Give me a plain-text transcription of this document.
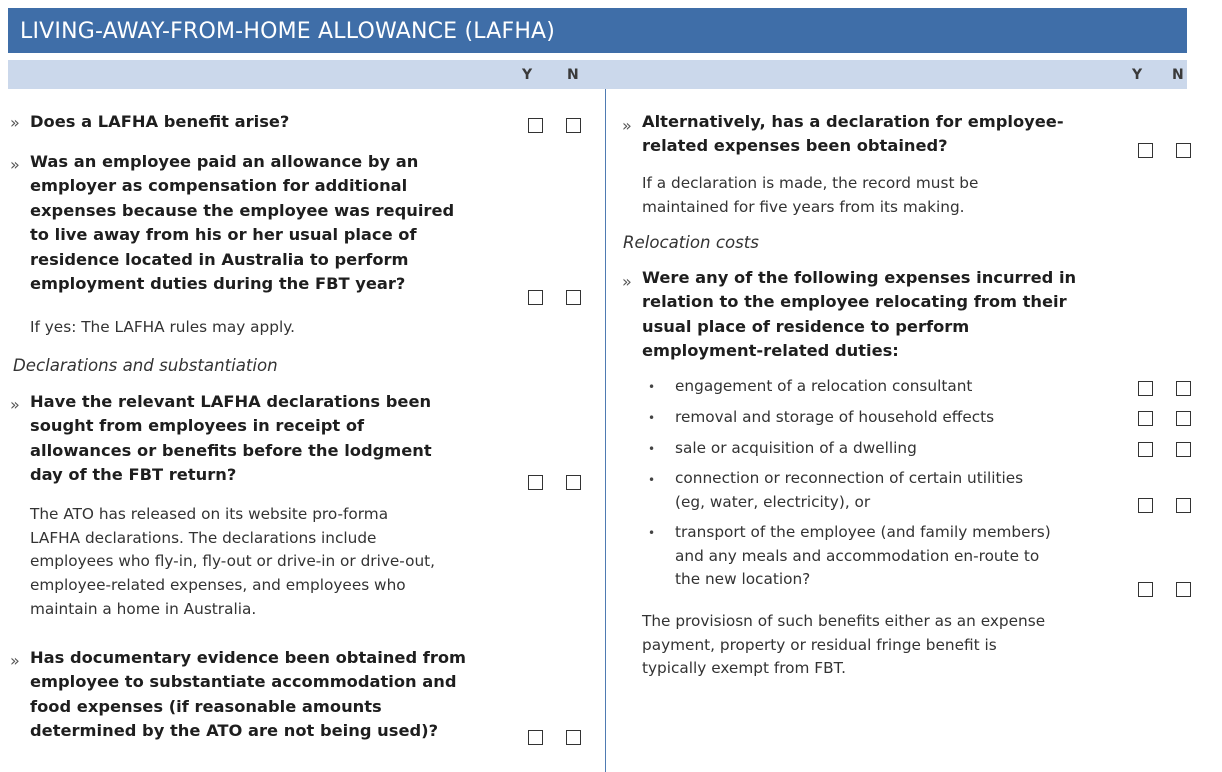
LIVING-AWAY-FROM-HOME ALLOWANCE (LAFHA)
Y N	Y N
» Does a LAFHA benefit arise?
» Was an employee paid an allowance by an
employer as compensation for additional
expenses because the employee was required
to live away from his or her usual place of
residence located in Australia to perform
employment duties during the FBT year?
If yes: The LAFHA rules may apply.
Declarations and substantiation
» Have the relevant LAFHA declarations been
sought from employees in receipt of
allowances or benefits before the lodgment
day of the FBT return?
The ATO has released on its website pro-forma
LAFHA declarations. The declarations include
employees who fly-in, fly-out or drive-in or drive-out,
employee-related expenses, and employees who
maintain a home in Australia.
» Has documentary evidence been obtained from
employee to substantiate accommodation and
food expenses (if reasonable amounts
determined by the ATO are not being used)?
» Alternatively, has a declaration for employee-
related expenses been obtained?
If a declaration is made, the record must be
maintained for five years from its making.
Relocation costs
» Were any of the following expenses incurred in
relation to the employee relocating from their
usual place of residence to perform
employment-related duties:
• engagement of a relocation consultant
• removal and storage of household effects
• sale or acquisition of a dwelling
• connection or reconnection of certain utilities
(eg, water, electricity), or
• transport of the employee (and family members)
and any meals and accommodation en-route to
the new location?
The provisiosn of such benefits either as an expense
payment, property or residual fringe benefit is
typically exempt from FBT.
